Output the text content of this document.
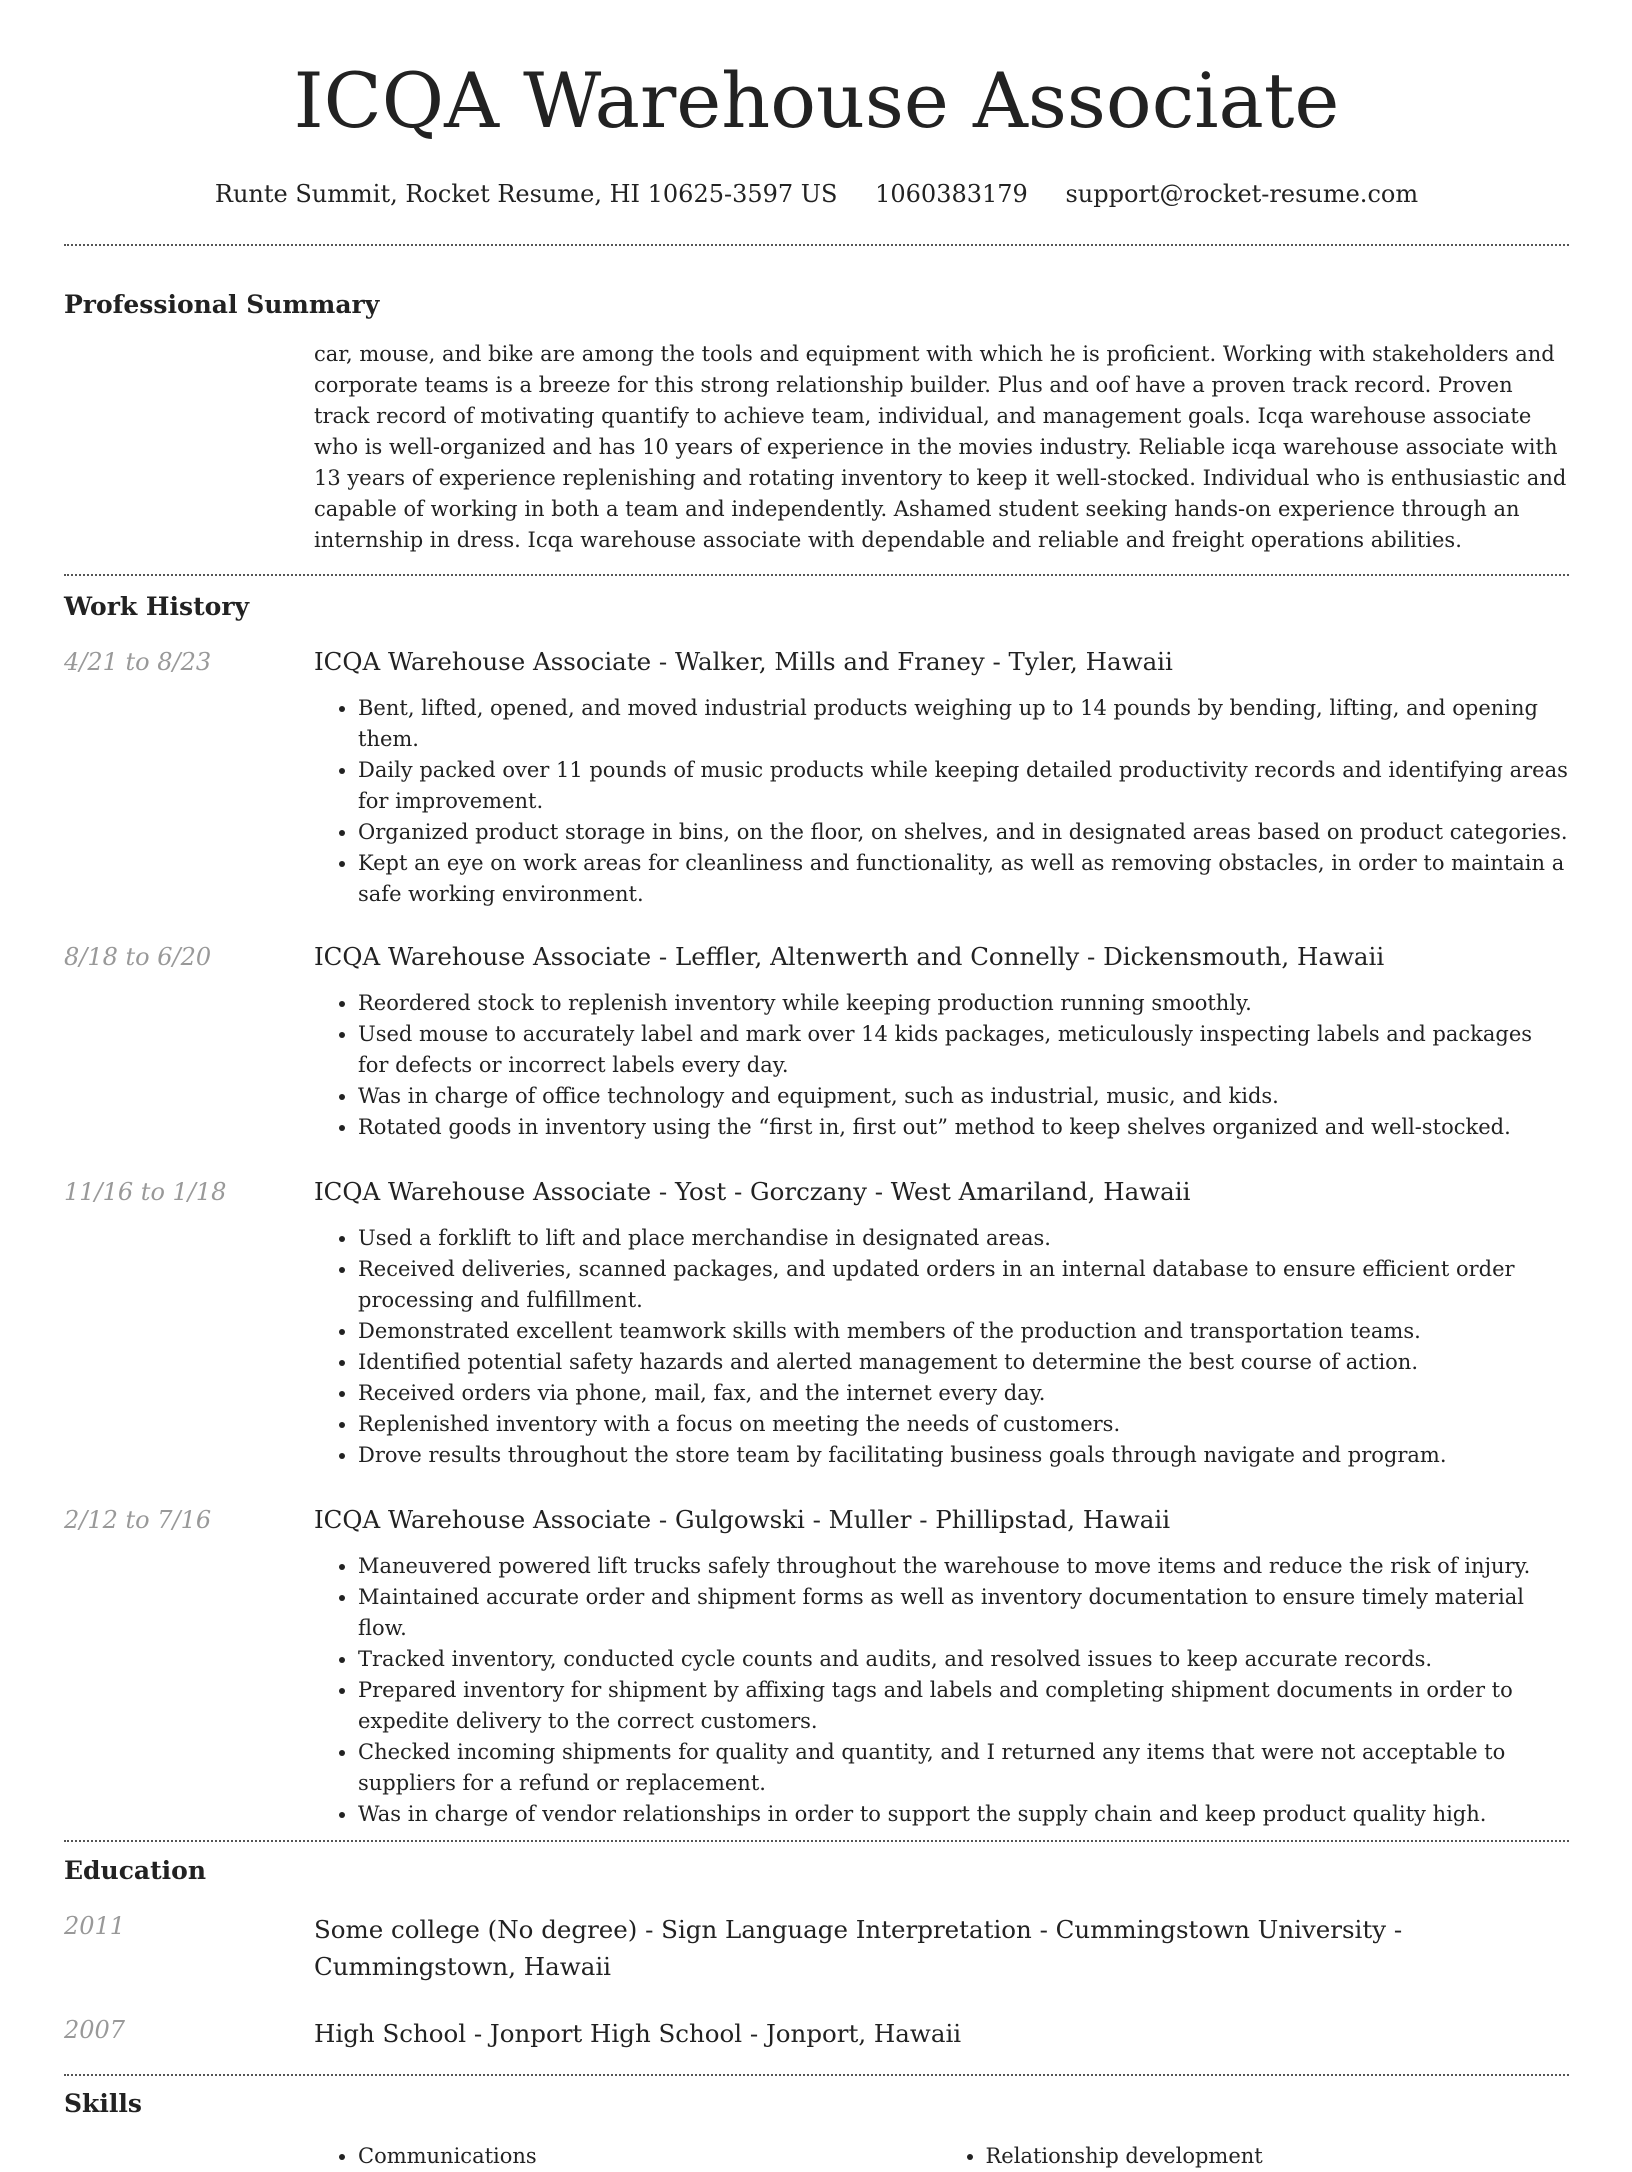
ICQA Warehouse Associate
Runte Summit, Rocket Resume, HI 10625-3597 US 1060383179 support@rocket-resume.com
Professional Summary

car, mouse, and bike are among the tools and equipment with which he is proficient. Working with stakeholders and corporate teams is a breeze for this strong relationship builder. Plus and oof have a proven track record. Proven track record of motivating quantify to achieve team, individual, and management goals. Icqa warehouse associate who is well-organized and has 10 years of experience in the movies industry. Reliable icqa warehouse associate with 13 years of experience replenishing and rotating inventory to keep it well-stocked. Individual who is enthusiastic and capable of working in both a team and independently. Ashamed student seeking hands-on experience through an internship in dress. Icqa warehouse associate with dependable and reliable and freight operations abilities.

Work History
4/21 to 8/23	ICQA Warehouse Associate - Walker, Mills and Franey - Tyler, Hawaii
• Bent, lifted, opened, and moved industrial products weighing up to 14 pounds by bending, lifting, and opening them.
• Daily packed over 11 pounds of music products while keeping detailed productivity records and identifying areas for improvement.
• Organized product storage in bins, on the floor, on shelves, and in designated areas based on product categories.
• Kept an eye on work areas for cleanliness and functionality, as well as removing obstacles, in order to maintain a safe working environment.
8/18 to 6/20	ICQA Warehouse Associate - Leffler, Altenwerth and Connelly - Dickensmouth, Hawaii
• Reordered stock to replenish inventory while keeping production running smoothly.
• Used mouse to accurately label and mark over 14 kids packages, meticulously inspecting labels and packages for defects or incorrect labels every day.
• Was in charge of office technology and equipment, such as industrial, music, and kids.
• Rotated goods in inventory using the “first in, first out” method to keep shelves organized and well-stocked.
11/16 to 1/18	ICQA Warehouse Associate - Yost - Gorczany - West Amariland, Hawaii
• Used a forklift to lift and place merchandise in designated areas.
• Received deliveries, scanned packages, and updated orders in an internal database to ensure efficient order processing and fulfillment.
• Demonstrated excellent teamwork skills with members of the production and transportation teams.
• Identified potential safety hazards and alerted management to determine the best course of action.
• Received orders via phone, mail, fax, and the internet every day.
• Replenished inventory with a focus on meeting the needs of customers.
• Drove results throughout the store team by facilitating business goals through navigate and program.
2/12 to 7/16	ICQA Warehouse Associate - Gulgowski - Muller - Phillipstad, Hawaii
• Maneuvered powered lift trucks safely throughout the warehouse to move items and reduce the risk of injury.
• Maintained accurate order and shipment forms as well as inventory documentation to ensure timely material flow.
• Tracked inventory, conducted cycle counts and audits, and resolved issues to keep accurate records.
• Prepared inventory for shipment by affixing tags and labels and completing shipment documents in order to expedite delivery to the correct customers.
• Checked incoming shipments for quality and quantity, and I returned any items that were not acceptable to suppliers for a refund or replacement.
• Was in charge of vendor relationships in order to support the supply chain and keep product quality high.
Education
2011	Some college (No degree) - Sign Language Interpretation - Cummingstown University - Cummingstown, Hawaii
2007	High School - Jonport High School - Jonport, Hawaii
Skills
• Communications
•	Relationship development
